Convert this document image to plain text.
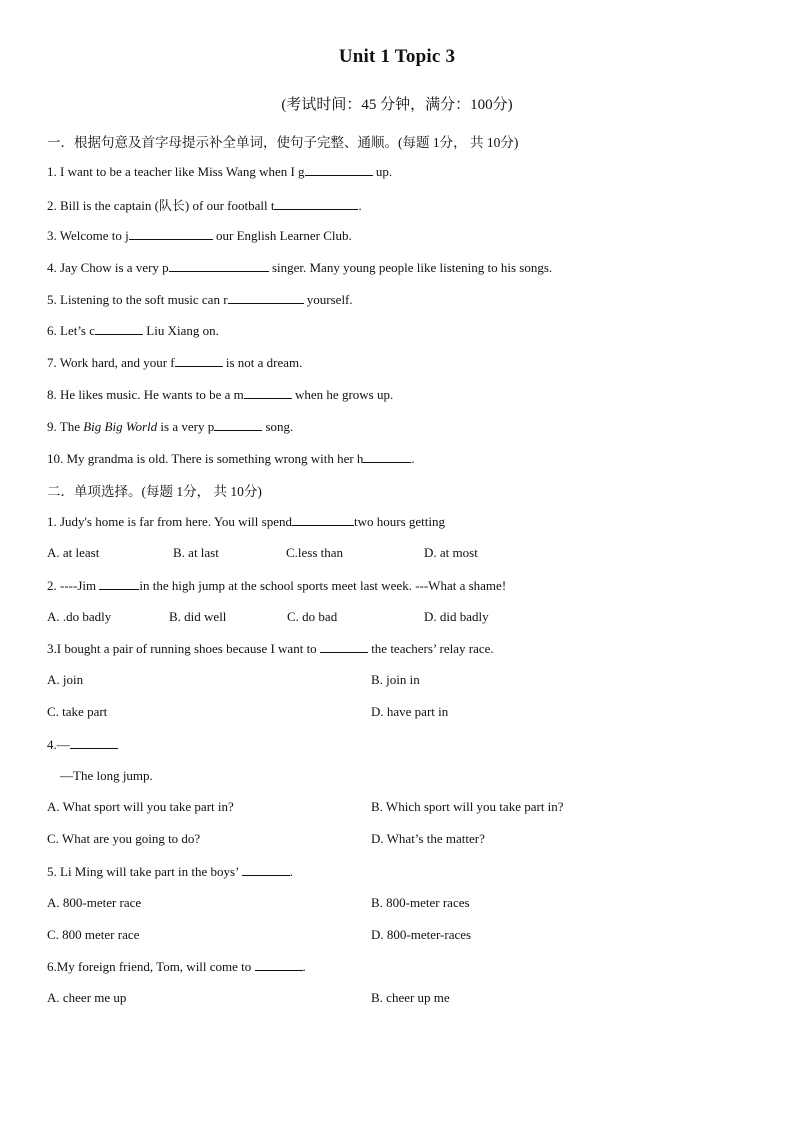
Unit 1 Topic 3
(考试时间：45 分钟，满分：100分)
一．根据句意及首字母提示补全单词，使句子完整、通顺。(每题 1分， 共 10分)
1. I want to be a teacher like Miss Wang when I g	up.
2. Bill is the captain (队长) of our football t	.
3. Welcome to j	our English Learner Club.
4. Jay Chow is a very p	singer. Many young people like listening to his songs.
5. Listening to the soft music can r	yourself.
6. Let’s c	Liu Xiang on.
7. Work hard, and your f	is not a dream.
8. He likes music. He wants to be a m	when he grows up.
9. The Big Big World is a very p	song.
10. My grandma is old. There is something wrong with her h	.
二．单项选择。(每题 1分， 共 10分)
1. Judy's home is far from here. You will spend	two hours getting
A. at least	B. at last	C.less than	D. at most
2. ----Jim	in the high jump at the school sports meet last week. ---What a shame!
A. .do badly	B. did well	C. do bad	D. did badly
3.I bought a pair of running shoes because I want to	the teachers’ relay race.
A. join	B. join in
C. take part	D. have part in
4.—
—The long jump.
A. What sport will you take part in?	B. Which sport will you take part in?
C. What are you going to do?	D. What’s the matter?
5. Li Ming will take part in the boys’	.
A. 800-meter race	B. 800-meter races
C. 800 meter race	D. 800-meter-races
6.My foreign friend, Tom, will come to	.
A. cheer me up	B. cheer up me
